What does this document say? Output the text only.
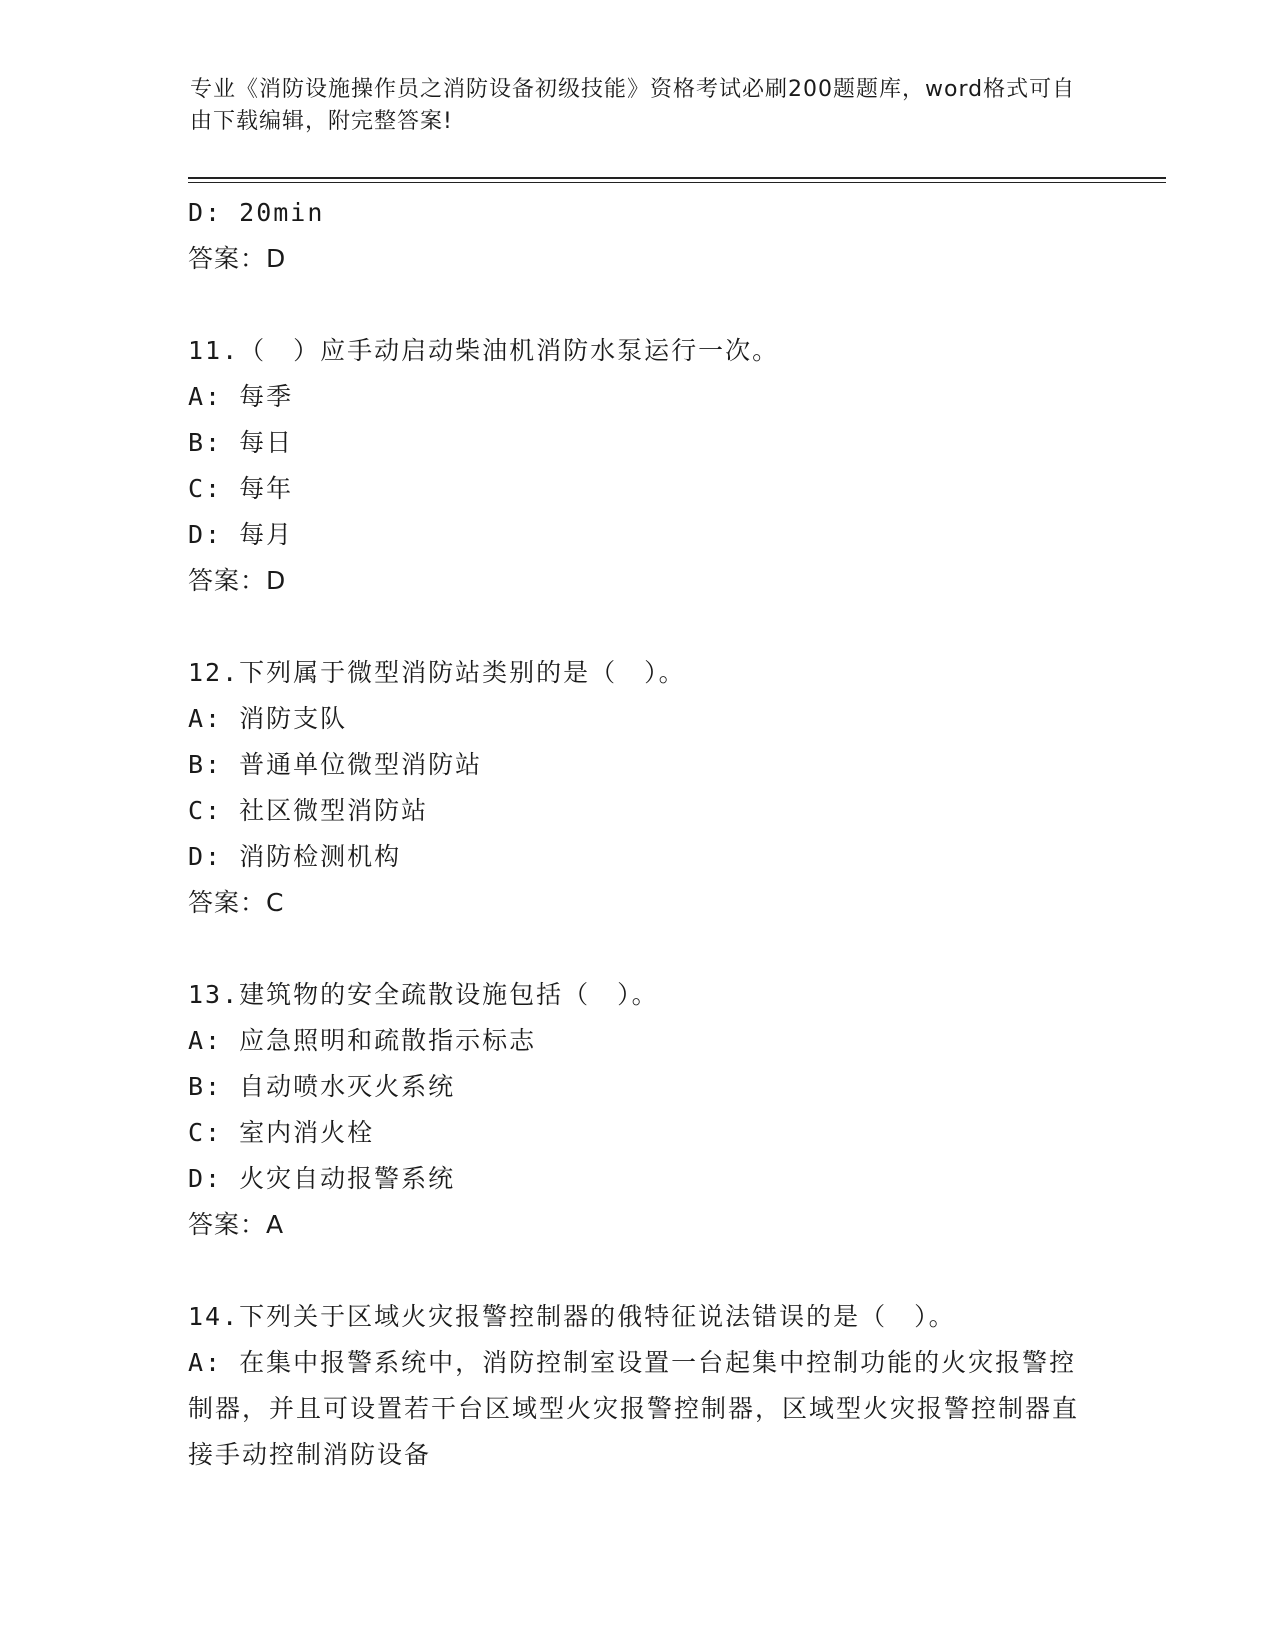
专业《消防设施操作员之消防设备初级技能》资格考试必刷200题题库，word格式可自由下载编辑，附完整答案!
D: 20min
答案：D
11.（　）应手动启动柴油机消防水泵运行一次。
A: 每季
B: 每日
C: 每年
D: 每月
答案：D
12.下列属于微型消防站类别的是（　）。
A: 消防支队
B: 普通单位微型消防站
C: 社区微型消防站
D: 消防检测机构
答案：C
13.建筑物的安全疏散设施包括（　）。
A: 应急照明和疏散指示标志
B: 自动喷水灭火系统
C: 室内消火栓
D: 火灾自动报警系统
答案：A
14.下列关于区域火灾报警控制器的俄特征说法错误的是（　）。
A: 在集中报警系统中，消防控制室设置一台起集中控制功能的火灾报警控制器，并且可设置若干台区域型火灾报警控制器，区域型火灾报警控制器直接手动控制消防设备
